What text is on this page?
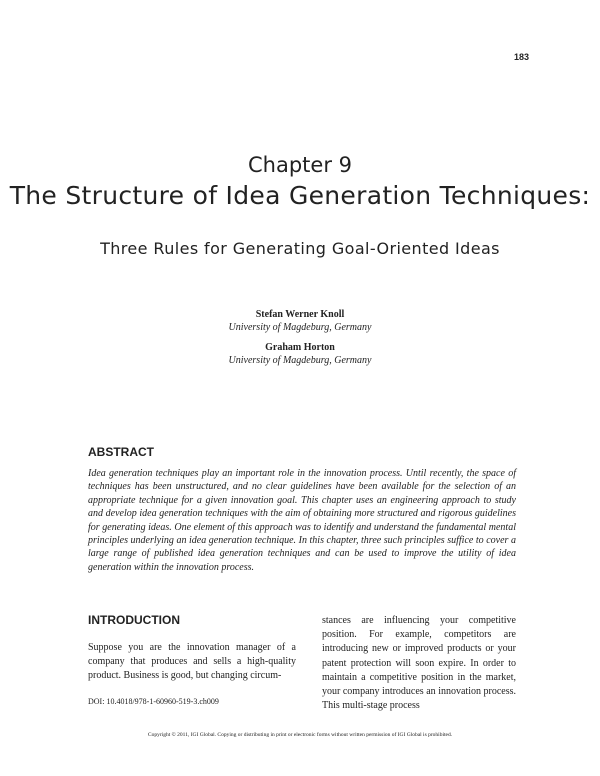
183
Chapter 9
The Structure of Idea Generation Techniques:
Three Rules for Generating Goal-Oriented Ideas
Stefan Werner Knoll
University of Magdeburg, Germany
Graham Horton
University of Magdeburg, Germany
ABSTRACT
Idea generation techniques play an important role in the innovation process. Until recently, the space of techniques has been unstructured, and no clear guidelines have been available for the selection of an appropriate technique for a given innovation goal. This chapter uses an engineering approach to study and develop idea generation techniques with the aim of obtaining more structured and rigorous guidelines for generating ideas. One element of this approach was to identify and understand the fundamental mental principles underlying an idea generation technique. In this chapter, three such principles suffice to cover a large range of published idea generation techniques and can be used to improve the utility of idea generation within the innovation process.
INTRODUCTION
Suppose you are the innovation manager of a company that produces and sells a high-quality product. Business is good, but changing circum-
stances are influencing your competitive position. For example, competitors are introducing new or improved products or your patent protection will soon expire. In order to maintain a competitive position in the market, your company introduces an innovation process. This multi-stage process
DOI: 10.4018/978-1-60960-519-3.ch009
Copyright © 2011, IGI Global. Copying or distributing in print or electronic forms without written permission of IGI Global is prohibited.
